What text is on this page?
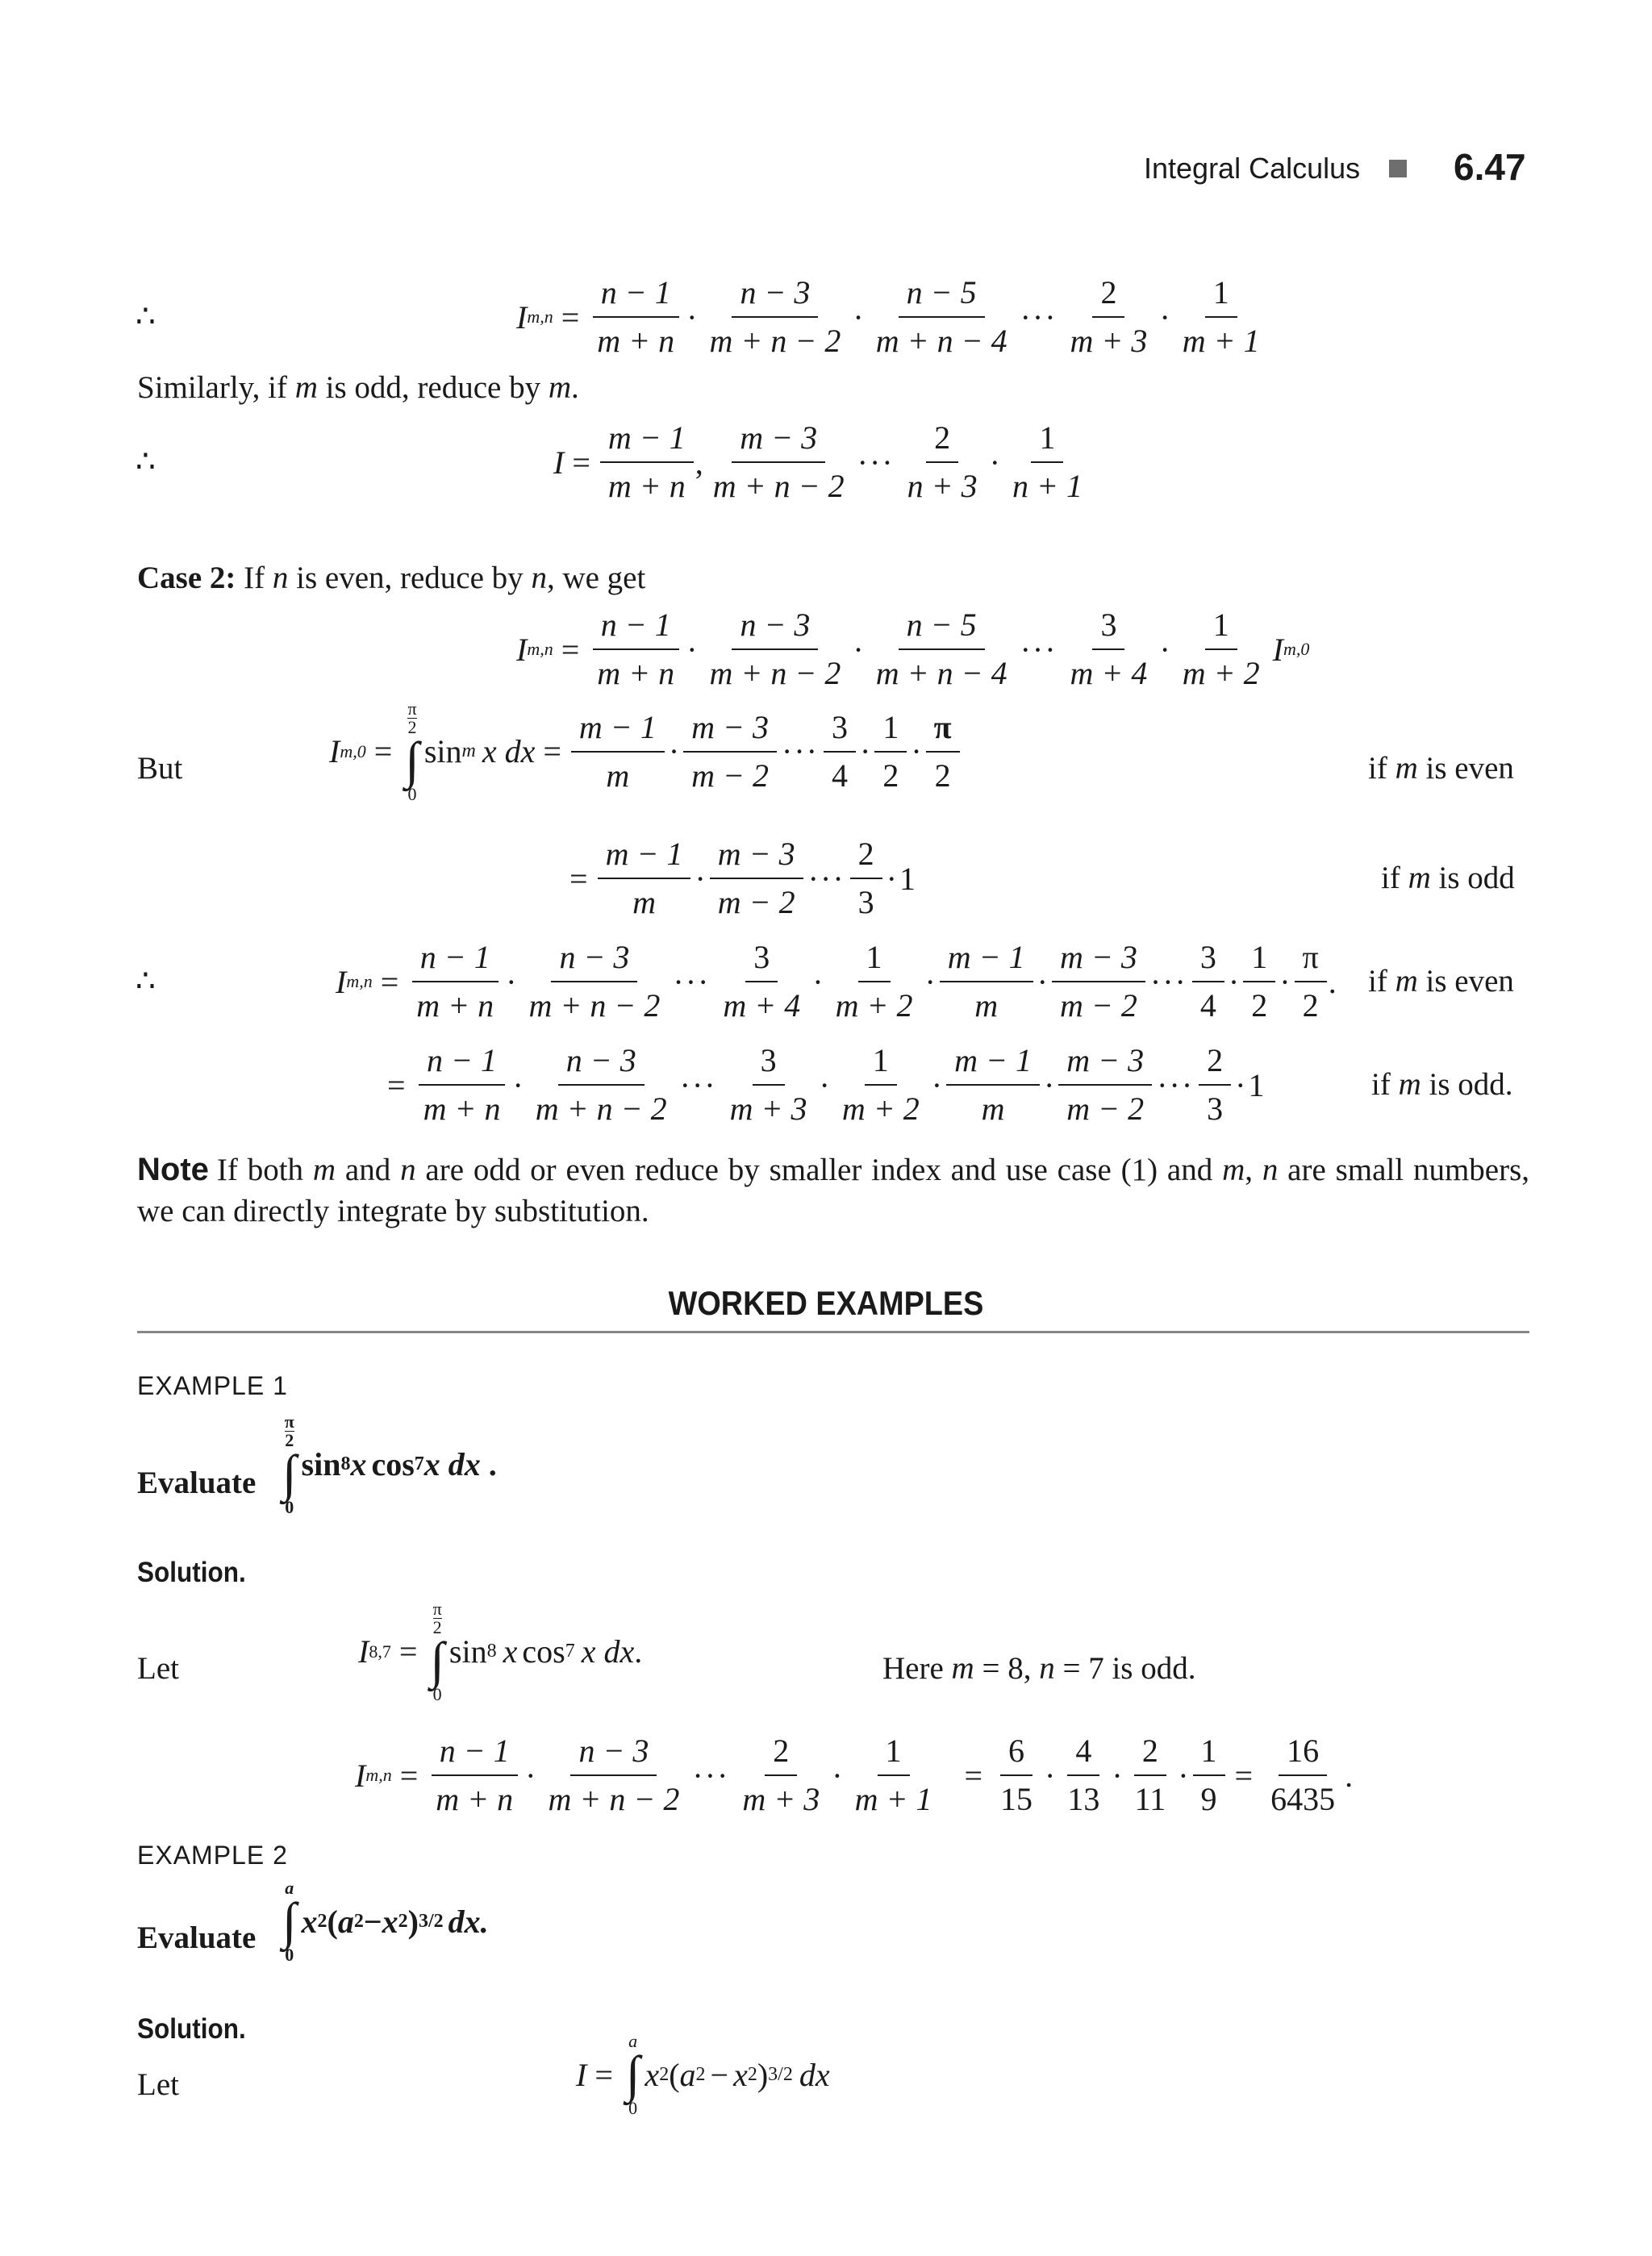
Integral Calculus	6.47
∴	I $m,n = \frac{n - 1}{m + n}$ ·
n − 3
m + n − 2
·
n − 5
m + n − 4
···
2
m + 3
·
1
m + 1
Similarly, if m is odd, reduce by m.
∴	$I = \frac{m - 1}{m + n}$ ,
m − 3
m + n − 2
···
2
n + 3
·
1
n + 1
Case 2: If n is even, reduce by n, we get
I $m,n = \frac{n - 1}{m + n}$ ·
n − 3
m + n − 2
·
n − 5
m + n − 4
···
3
m + 4
·
1
m + 2
I m,0
But	I m,0 =
π
2
∫
0
sin m x dx = $\frac{m - 1}{m}$ ·
m − 3
m − 2
···
3
4
·
1
2
·
π
2	if m is even
= $\frac{m - 1}{m}$ ·
m − 3
m − 2
···
2
3
· 1	if m is odd
∴	I $m,n = \frac{n - 1}{m + n}$ ·
n − 3
m + n − 2
···
3
m + 4
·
1
m + 2
·
m − 1
m
·
m − 3
m − 2
···
3
4
·
1
2
·
π
2
. if m is even
= $\frac{n - 1}{m + n}$ ·
n − 3
m + n − 2
···
3
m + 3
·
1
m + 2
·
m − 1
m
·
m − 3
m − 2
···
2
3
· 1	if m is odd.
Note If both m and n are odd or even reduce by smaller index and use case (1) and m, n are small numbers, we can directly integrate by substitution.
WORKED EXAMPLES
EXAMPLE 1
Evaluate
π
2
∫
0
sin 8 x cos 7 x dx .
Solution.
Let	I 8,7 =
π
2
∫
0
sin 8 x cos 7 x dx .	Here m = 8, n = 7 is odd.
I $m,n = \frac{n - 1}{m + n}$ ·
n − 3
m + n − 2
···
2
m + 3
· $\frac{1}{m + 1} = \frac{6}{15}$ ·
4
13
·
2
11
· $\frac{1}{9} = \frac{16}{6435}$ .
EXAMPLE 2
Evaluate
a
∫
0
x 2 ( a 2 − x 2 ) 3/2 dx.
Solution.
Let	I =
a
∫
0
x 2 ( a 2 − x 2 ) 3/2 dx
